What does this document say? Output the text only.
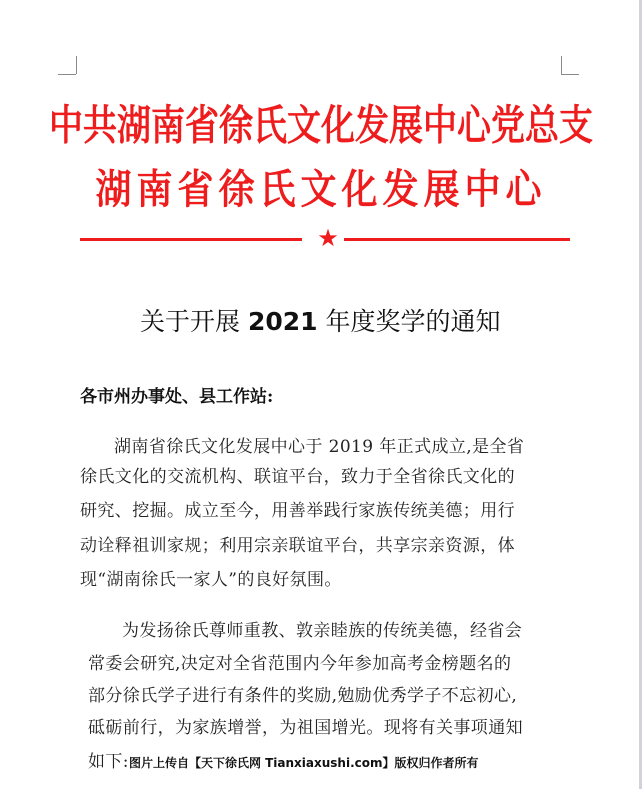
中共湖南省徐氏文化发展中心党总支
湖南省徐氏文化发展中心
★
关于开展 2021 年度奖学的通知
各市州办事处、县工作站:
湖南省徐氏文化发展中心于 2019 年正式成立,是全省
徐氏文化的交流机构、联谊平台，致力于全省徐氏文化的
研究、挖掘。成立至今，用善举践行家族传统美德；用行
动诠释祖训家规；利用宗亲联谊平台，共享宗亲资源，体
现“湖南徐氏一家人”的良好氛围。
为发扬徐氏尊师重教、敦亲睦族的传统美德，经省会
常委会研究,决定对全省范围内今年参加高考金榜题名的
部分徐氏学子进行有条件的奖励,勉励优秀学子不忘初心,
砥砺前行，为家族增誉，为祖国增光。现将有关事项通知
如下:图片上传自【天下徐氏网 Tianxiaxushi.com】版权归作者所有
